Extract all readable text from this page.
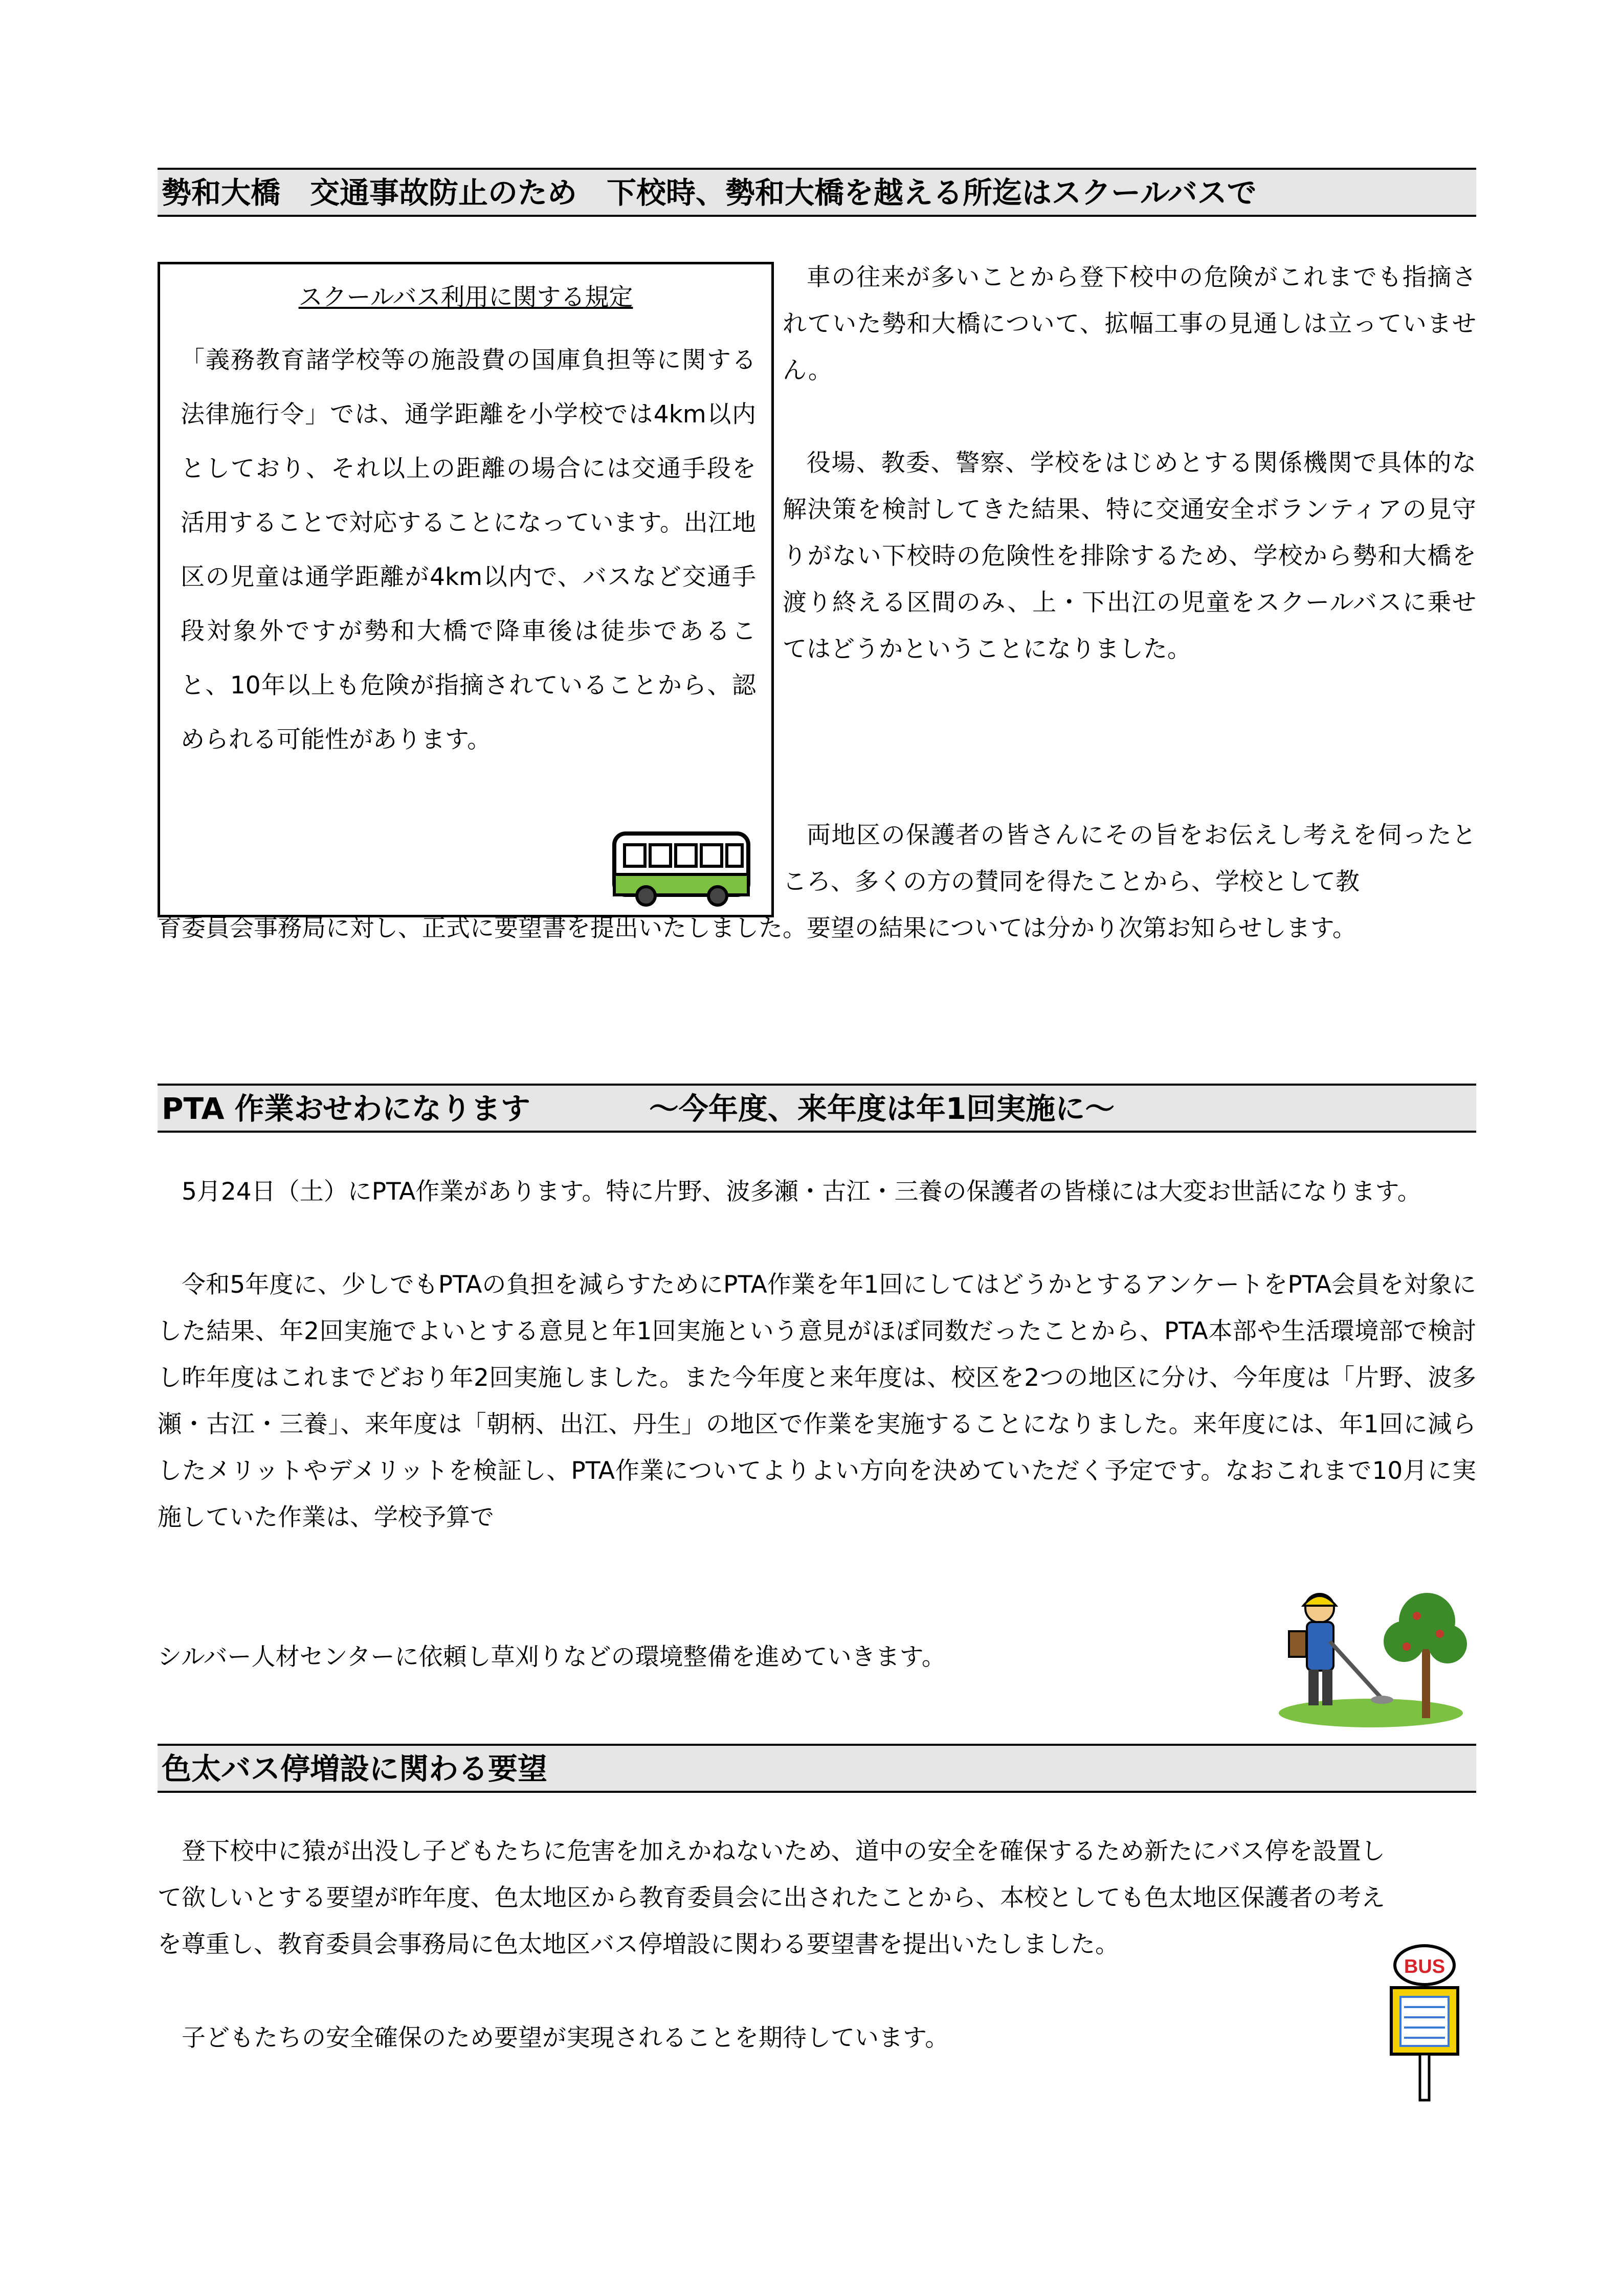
勢和大橋　交通事故防止のため　下校時、勢和大橋を越える所迄はスクールバスで
スクールバス利用に関する規定

「義務教育諸学校等の施設費の国庫負担等に関する法律施行令」では、通学距離を小学校では4km以内としており、それ以上の距離の場合には交通手段を活用することで対応することになっています。出江地区の児童は通学距離が4km以内で、バスなど交通手段対象外ですが勢和大橋で降車後は徒歩であること、10年以上も危険が指摘されていることから、認められる可能性があります。

車の往来が多いことから登下校中の危険がこれまでも指摘されていた勢和大橋について、拡幅工事の見通しは立っていません。
役場、教委、警察、学校をはじめとする関係機関で具体的な解決策を検討してきた結果、特に交通安全ボランティアの見守りがない下校時の危険性を排除するため、学校から勢和大橋を渡り終える区間のみ、上・下出江の児童をスクールバスに乗せてはどうかということになりました。
両地区の保護者の皆さんにその旨をお伝えし考えを伺ったところ、多くの方の賛同を得たことから、学校として教
育委員会事務局に対し、正式に要望書を提出いたしました。要望の結果については分かり次第お知らせします。
PTA 作業おせわになります　　　　～今年度、来年度は年1回実施に～
5月24日（土）にPTA作業があります。特に片野、波多瀬・古江・三養の保護者の皆様には大変お世話になります。
令和5年度に、少しでもPTAの負担を減らすためにPTA作業を年1回にしてはどうかとするアンケートをPTA会員を対象にした結果、年2回実施でよいとする意見と年1回実施という意見がほぼ同数だったことから、PTA本部や生活環境部で検討し昨年度はこれまでどおり年2回実施しました。また今年度と来年度は、校区を2つの地区に分け、今年度は「片野、波多瀬・古江・三養」、来年度は「朝柄、出江、丹生」の地区で作業を実施することになりました。来年度には、年1回に減らしたメリットやデメリットを検証し、PTA作業についてよりよい方向を決めていただく予定です。なおこれまで10月に実施していた作業は、学校予算で
シルバー人材センターに依頼し草刈りなどの環境整備を進めていきます。
色太バス停増設に関わる要望
登下校中に猿が出没し子どもたちに危害を加えかねないため、道中の安全を確保するため新たにバス停を設置して欲しいとする要望が昨年度、色太地区から教育委員会に出されたことから、本校としても色太地区保護者の考えを尊重し、教育委員会事務局に色太地区バス停増設に関わる要望書を提出いたしました。
子どもたちの安全確保のため要望が実現されることを期待しています。
BUS
